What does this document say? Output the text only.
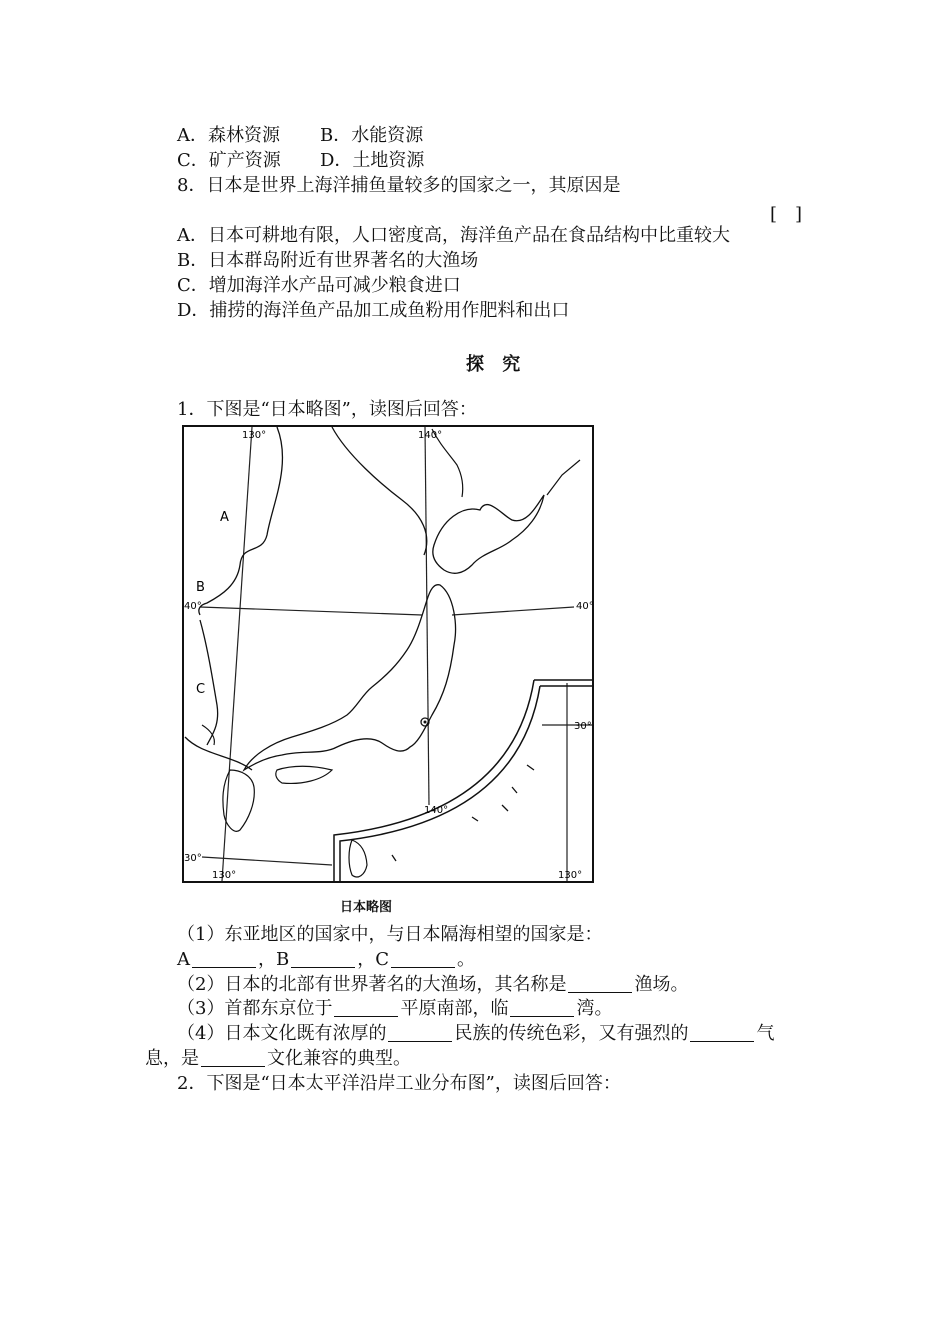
A．森林资源 B．水能资源
C．矿产资源 D．土地资源
8．日本是世界上海洋捕鱼量较多的国家之一，其原因是
[　]
A．日本可耕地有限，人口密度高，海洋鱼产品在食品结构中比重较大
B．日本群岛附近有世界著名的大渔场
C．增加海洋水产品可减少粮食进口
D．捕捞的海洋鱼产品加工成鱼粉用作肥料和出口
探 究
1．下图是“日本略图”，读图后回答：
A
B
C
130°	140°
40°	40°
140°
30°
30°
130°	130°
日本略图
（1）东亚地区的国家中，与日本隔海相望的国家是：
A	，B	，C	。
（2）日本的北部有世界著名的大渔场，其名称是	渔场。
（3）首都东京位于	平原南部，临	湾。
（4）日本文化既有浓厚的	民族的传统色彩，又有强烈的	气
息，是	文化兼容的典型。
2．下图是“日本太平洋沿岸工业分布图”，读图后回答：
